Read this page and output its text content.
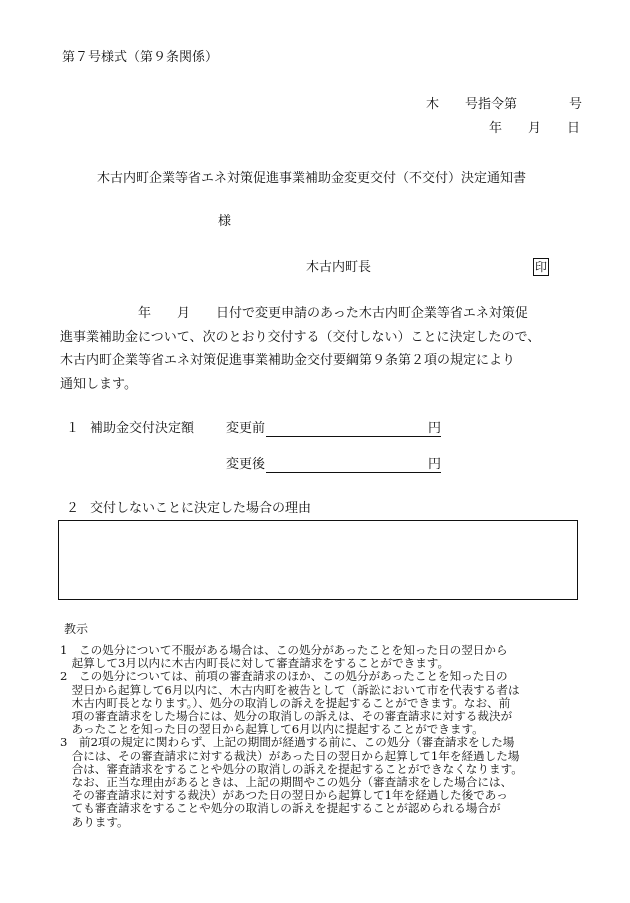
第７号様式（第９条関係）
木　　号指令第　　　　号
年　　月　　日
木古内町企業等省エネ対策促進事業補助金変更交付（不交付）決定通知書
様
木古内町長	印
　　　　　　年　　月　　日付で変更申請のあった木古内町企業等省エネ対策促
進事業補助金について、次のとおり交付する（交付しない）ことに決定したので、
木古内町企業等省エネ対策促進事業補助金交付要綱第９条第２項の規定により
通知します。
１ 補助金交付決定額 変更前	円
変更後	円
２ 交付しないことに決定した場合の理由
教示

1　この処分について不服がある場合は、この処分があったことを知った日の翌日から

　起算して3月以内に木古内町長に対して審査請求をすることができます。

2　この処分については、前項の審査請求のほか、この処分があったことを知った日の

　翌日から起算して6月以内に、木古内町を被告として（訴訟において市を代表する者は

　木古内町長となります。）、処分の取消しの訴えを提起することができます。なお、前

　項の審査請求をした場合には、処分の取消しの訴えは、その審査請求に対する裁決が

　あったことを知った日の翌日から起算して6月以内に提起することができます。

3　前2項の規定に関わらず、上記の期間が経過する前に、この処分（審査請求をした場

　合には、その審査請求に対する裁決）があった日の翌日から起算して1年を経過した場

　合は、審査請求をすることや処分の取消しの訴えを提起することができなくなります。

　なお、正当な理由があるときは、上記の期間やこの処分（審査請求をした場合には、

　その審査請求に対する裁決）があつた日の翌日から起算して1年を経過した後であっ

　ても審査請求をすることや処分の取消しの訴えを提起することが認められる場合が

　あります。
